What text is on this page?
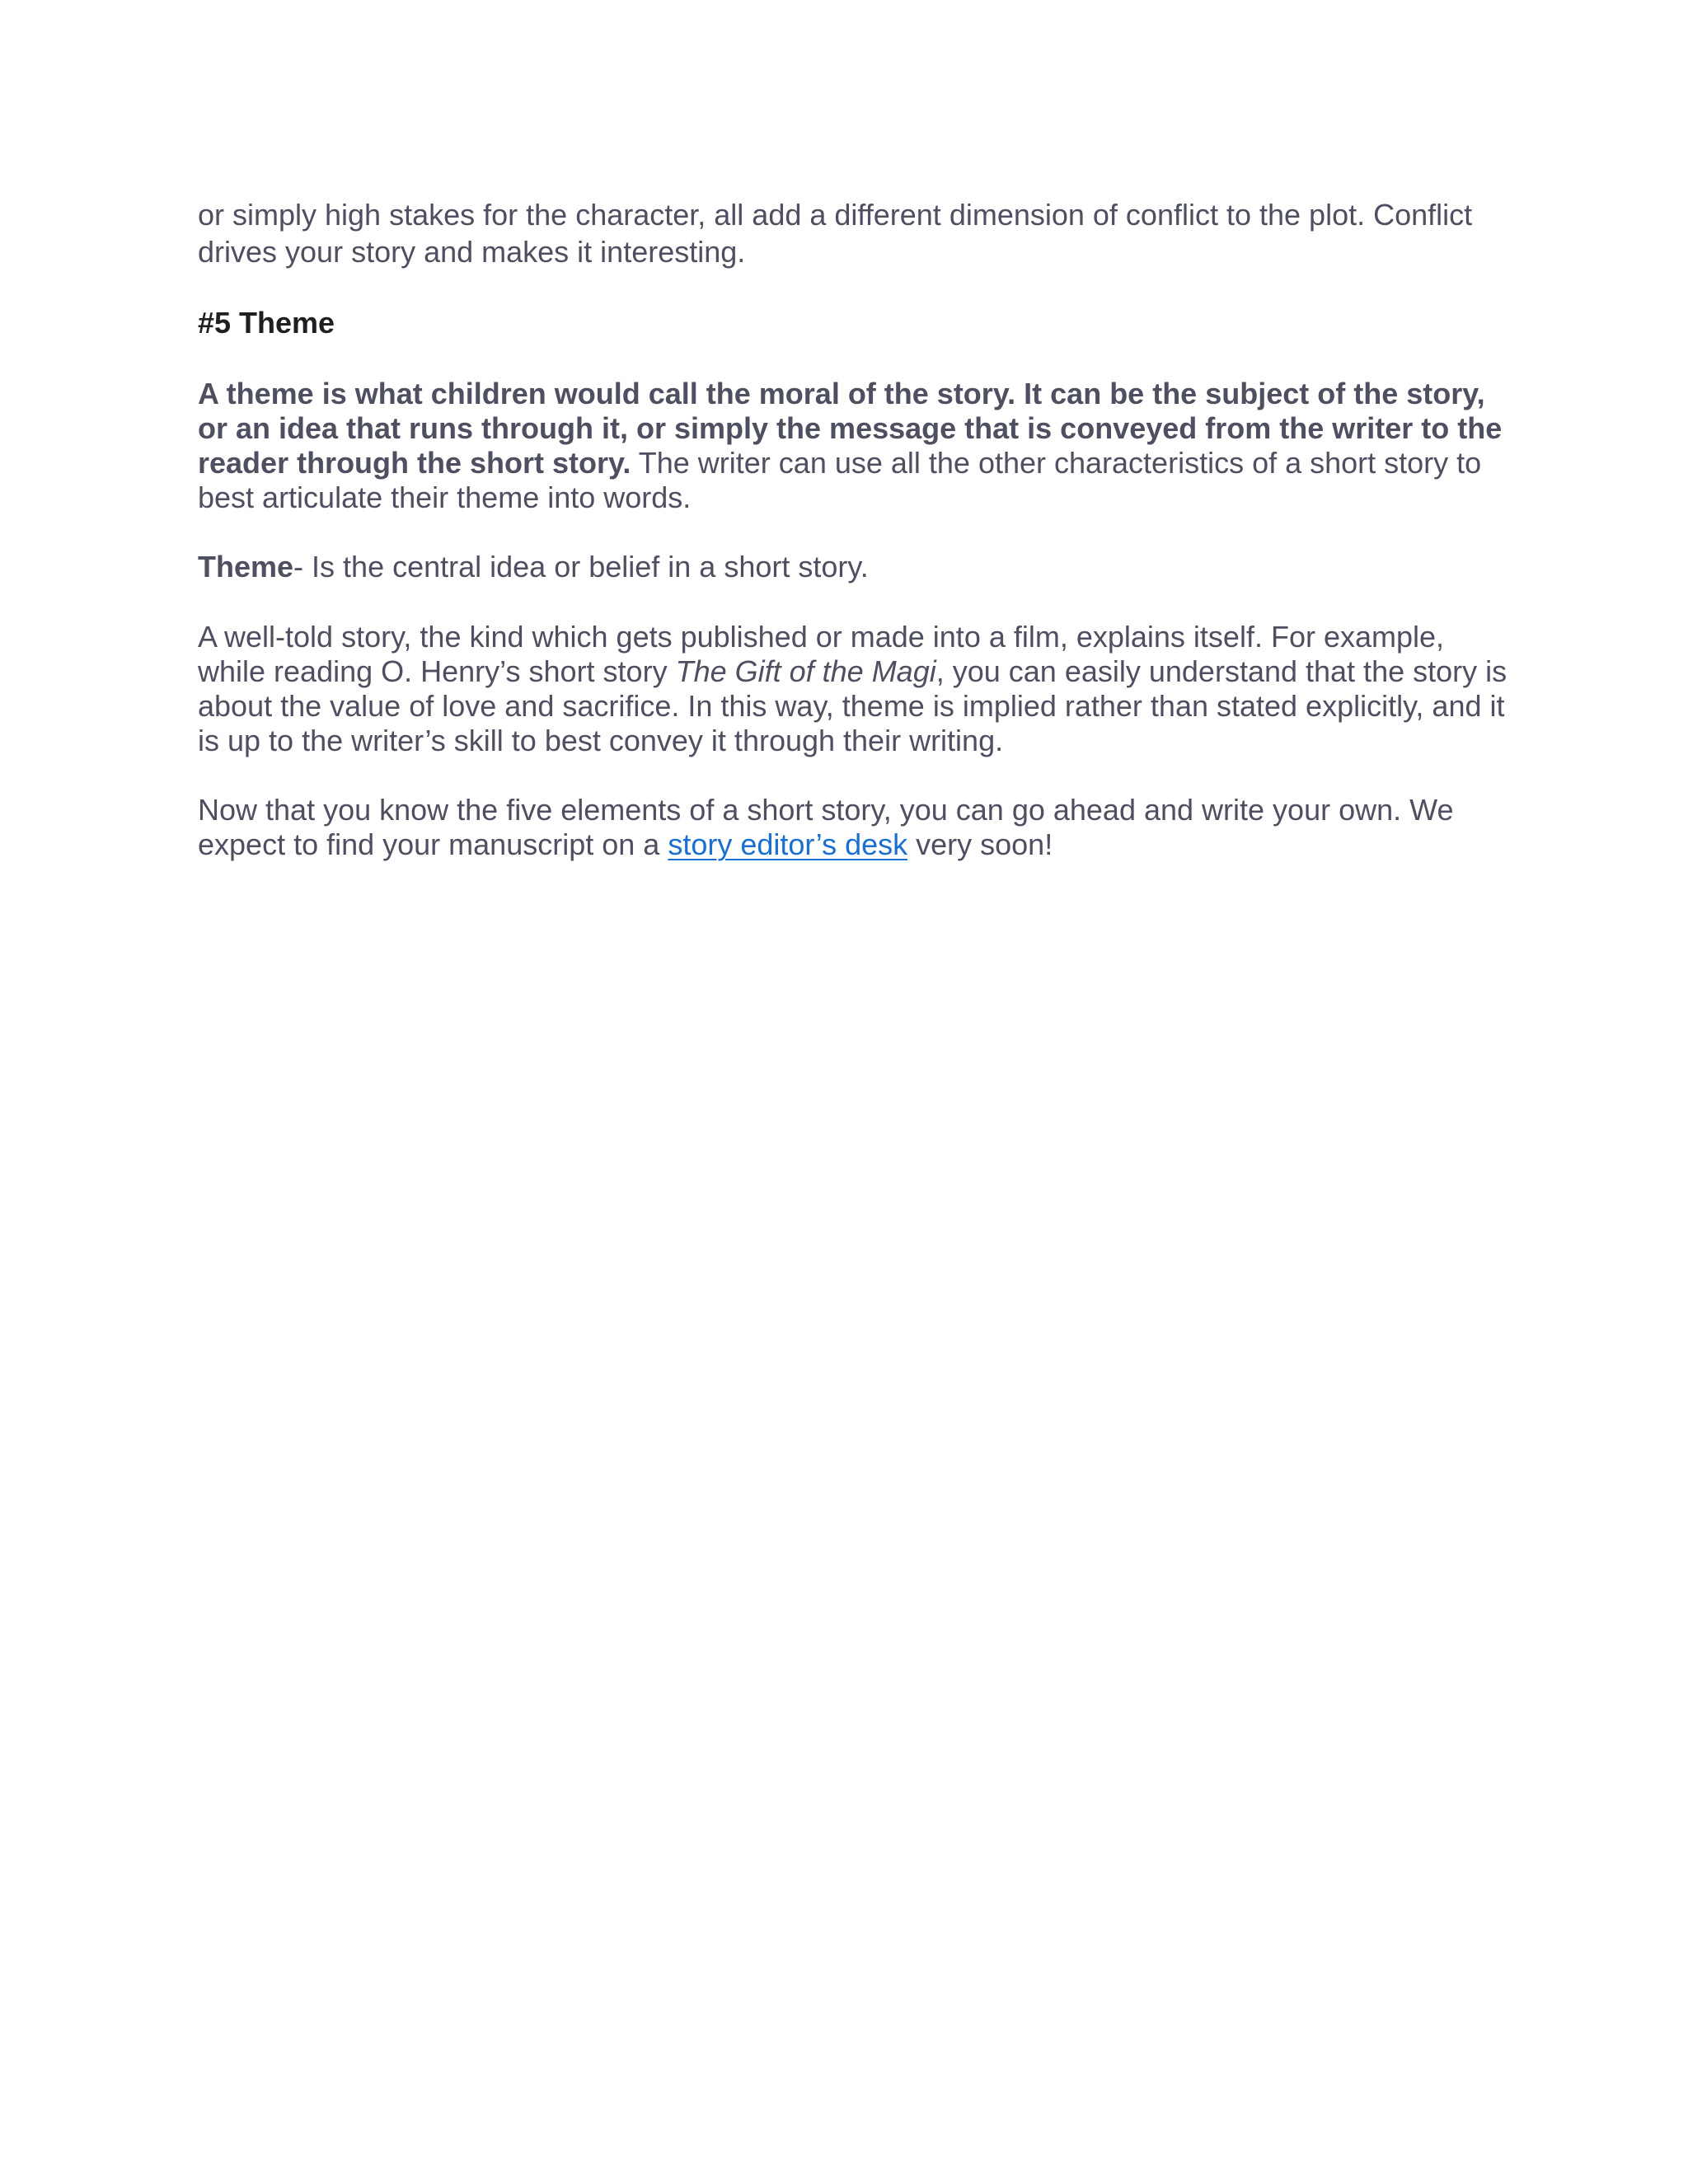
or simply high stakes for the character, all add a different dimension of conflict to the plot. Conflict drives your story and makes it interesting.

#5 Theme

A theme is what children would call the moral of the story. It can be the subject of the story, or an idea that runs through it, or simply the message that is conveyed from the writer to the reader through the short story. The writer can use all the other characteristics of a short story to best articulate their theme into words.

Theme- Is the central idea or belief in a short story.

A well-told story, the kind which gets published or made into a film, explains itself. For example, while reading O. Henry’s short story The Gift of the Magi, you can easily understand that the story is about the value of love and sacrifice. In this way, theme is implied rather than stated explicitly, and it is up to the writer’s skill to best convey it through their writing.

Now that you know the five elements of a short story, you can go ahead and write your own. We expect to find your manuscript on a story editor’s desk very soon!
